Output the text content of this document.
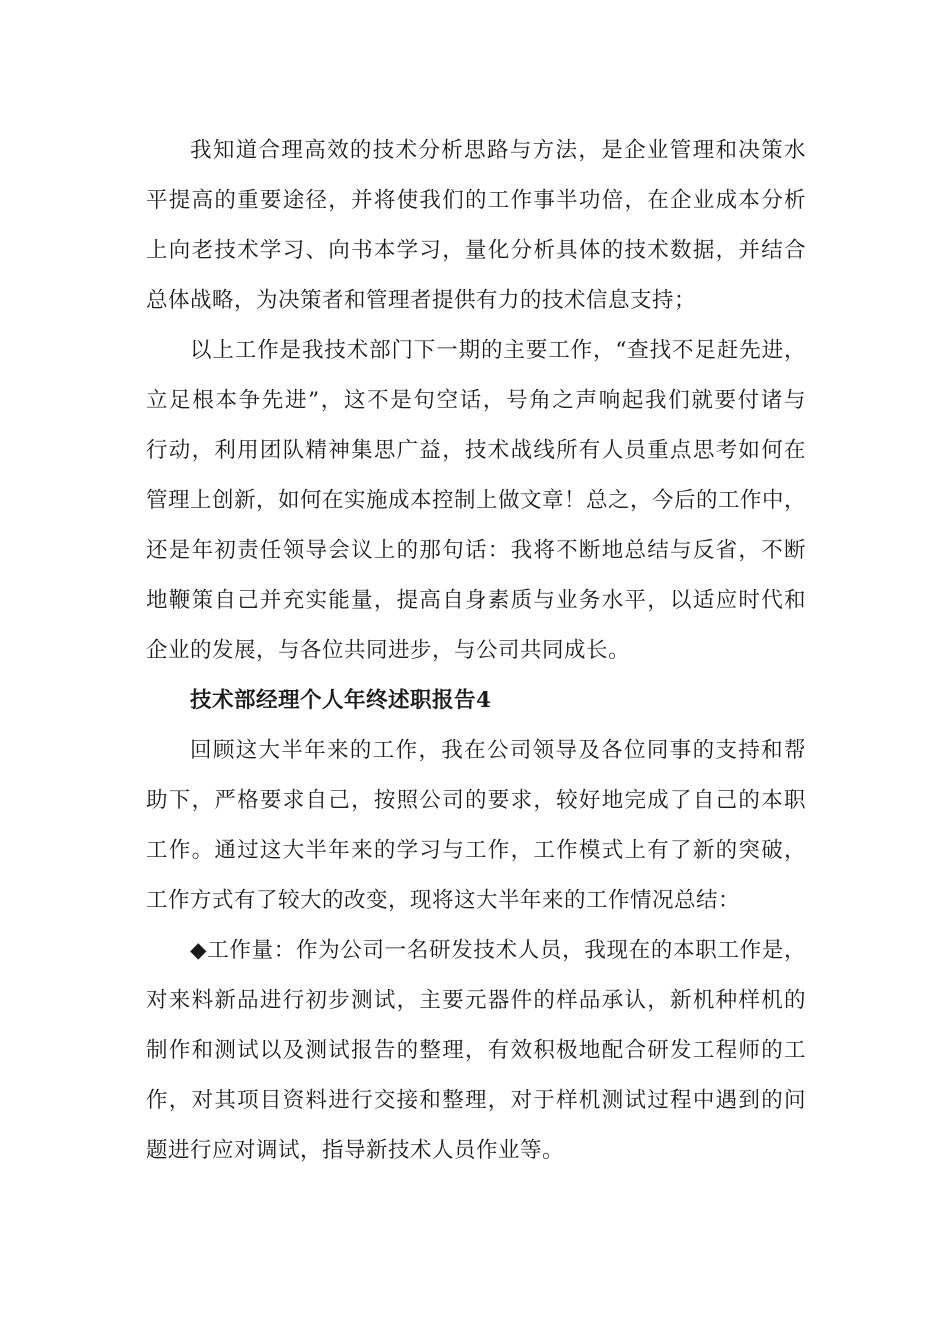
我知道合理高效的技术分析思路与方法，是企业管理和决策水
平提高的重要途径，并将使我们的工作事半功倍，在企业成本分析
上向老技术学习、向书本学习，量化分析具体的技术数据，并结合
总体战略，为决策者和管理者提供有力的技术信息支持；
以上工作是我技术部门下一期的主要工作，“查找不足赶先进，
立足根本争先进”，这不是句空话，号角之声响起我们就要付诸与
行动，利用团队精神集思广益，技术战线所有人员重点思考如何在
管理上创新，如何在实施成本控制上做文章！总之，今后的工作中，
还是年初责任领导会议上的那句话：我将不断地总结与反省，不断
地鞭策自己并充实能量，提高自身素质与业务水平，以适应时代和
企业的发展，与各位共同进步，与公司共同成长。
技术部经理个人年终述职报告4
回顾这大半年来的工作，我在公司领导及各位同事的支持和帮
助下，严格要求自己，按照公司的要求，较好地完成了自己的本职
工作。通过这大半年来的学习与工作，工作模式上有了新的突破，
工作方式有了较大的改变，现将这大半年来的工作情况总结：
◆工作量：作为公司一名研发技术人员，我现在的本职工作是，
对来料新品进行初步测试，主要元器件的样品承认，新机种样机的
制作和测试以及测试报告的整理，有效积极地配合研发工程师的工
作，对其项目资料进行交接和整理，对于样机测试过程中遇到的问
题进行应对调试，指导新技术人员作业等。
